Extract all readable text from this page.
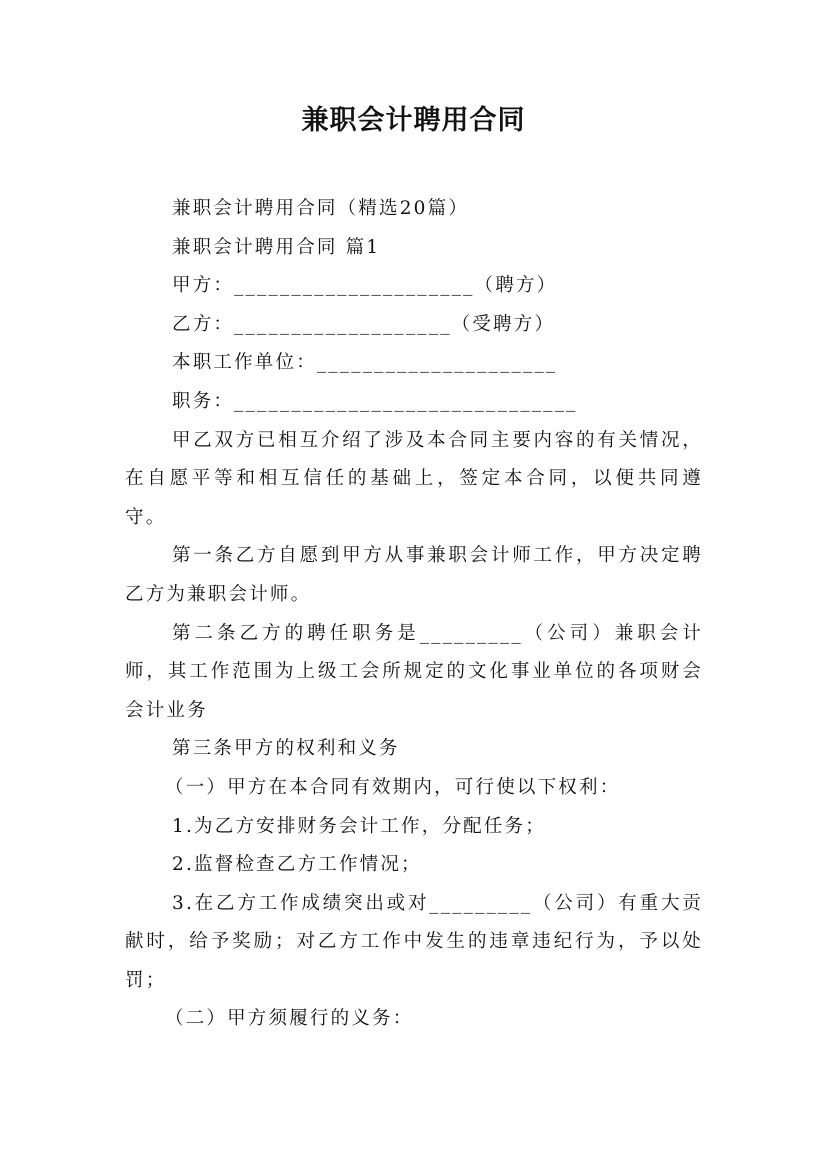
兼职会计聘用合同

兼职会计聘用合同（精选20篇）

兼职会计聘用合同 篇1

甲方：_____________________（聘方）

乙方：___________________（受聘方）

本职工作单位：_____________________

职务：______________________________

甲乙双方已相互介绍了涉及本合同主要内容的有关情况，在自愿平等和相互信任的基础上，签定本合同，以便共同遵守。

第一条乙方自愿到甲方从事兼职会计师工作，甲方决定聘乙方为兼职会计师。

第二条乙方的聘任职务是_________（公司）兼职会计师，其工作范围为上级工会所规定的文化事业单位的各项财会会计业务

第三条甲方的权利和义务

（一）甲方在本合同有效期内，可行使以下权利：

1.为乙方安排财务会计工作，分配任务；

2.监督检查乙方工作情况；

3.在乙方工作成绩突出或对_________（公司）有重大贡献时，给予奖励；对乙方工作中发生的违章违纪行为，予以处罚；

（二）甲方须履行的义务：
